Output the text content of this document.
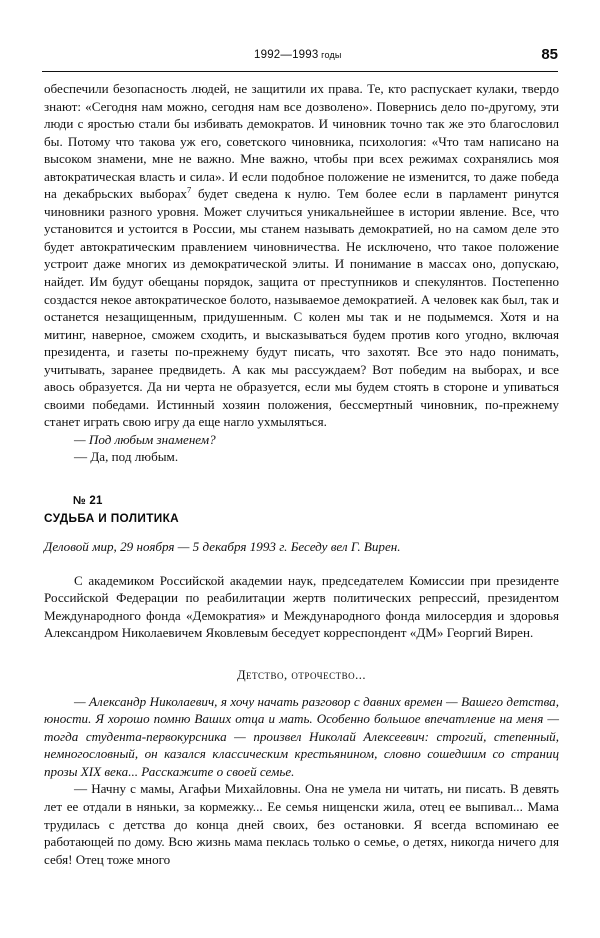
1992—1993 годы	85

обеспечили безопасность людей, не защитили их права. Те, кто распускает кулаки, твердо знают: «Сегодня нам можно, сегодня нам все дозволено». Повернись дело по-другому, эти люди с яростью стали бы избивать демократов. И чиновник точно так же это благословил бы. Потому что такова уж его, советского чиновника, психология: «Что там написано на высоком знамени, мне не важно. Мне важно, чтобы при всех режимах сохранялись моя автократическая власть и сила». И если подобное положение не изменится, то даже победа на декабрьских выборах$^7$ будет сведена к нулю. Тем более если в парламент ринутся чиновники разного уровня. Может случиться уникальнейшее в истории явление. Все, что установится и устоится в России, мы станем называть демократией, но на самом деле это будет автократическим правлением чиновничества. Не исключено, что такое положение устроит даже многих из демократической элиты. И понимание в массах оно, допускаю, найдет. Им будут обещаны порядок, защита от преступников и спекулянтов. Постепенно создастся некое автократическое болото, называемое демократией. А человек как был, так и останется незащищенным, придушенным. С колен мы так и не подымемся. Хотя и на митинг, наверное, сможем сходить, и высказываться будем против кого угодно, включая президента, и газеты по-прежнему будут писать, что захотят. Все это надо понимать, учитывать, заранее предвидеть. А как мы рассуждаем? Вот победим на выборах, и все авось образуется. Да ни черта не образуется, если мы будем стоять в стороне и упиваться своими победами. Истинный хозяин положения, бессмертный чиновник, по-прежнему станет играть свою игру да еще нагло ухмыляться.

— Под любым знаменем?

— Да, под любым.

№ 21
СУДЬБА И ПОЛИТИКА
Деловой мир, 29 ноября — 5 декабря 1993 г. Беседу вел Г. Вирен.

С академиком Российской академии наук, председателем Комиссии при президенте Российской Федерации по реабилитации жертв политических репрессий, президентом Международного фонда «Демократия» и Международного фонда милосердия и здоровья Александром Николаевичем Яковлевым беседует корреспондент «ДМ» Георгий Вирен.

Детство, отрочество...

— Александр Николаевич, я хочу начать разговор с давних времен — Вашего детства, юности. Я хорошо помню Ваших отца и мать. Особенно большое впечатление на меня — тогда студента-первокурсника — произвел Николай Алексеевич: строгий, степенный, немногословный, он казался классическим крестьянином, словно сошедшим со страниц прозы XIX века... Расскажите о своей семье.

— Начну с мамы, Агафьи Михайловны. Она не умела ни читать, ни писать. В девять лет ее отдали в няньки, за кормежку... Ее семья нищенски жила, отец ее выпивал... Мама трудилась с детства до конца дней своих, без остановки. Я всегда вспоминаю ее работающей по дому. Всю жизнь мама пеклась только о семье, о детях, никогда ничего для себя! Отец тоже много
